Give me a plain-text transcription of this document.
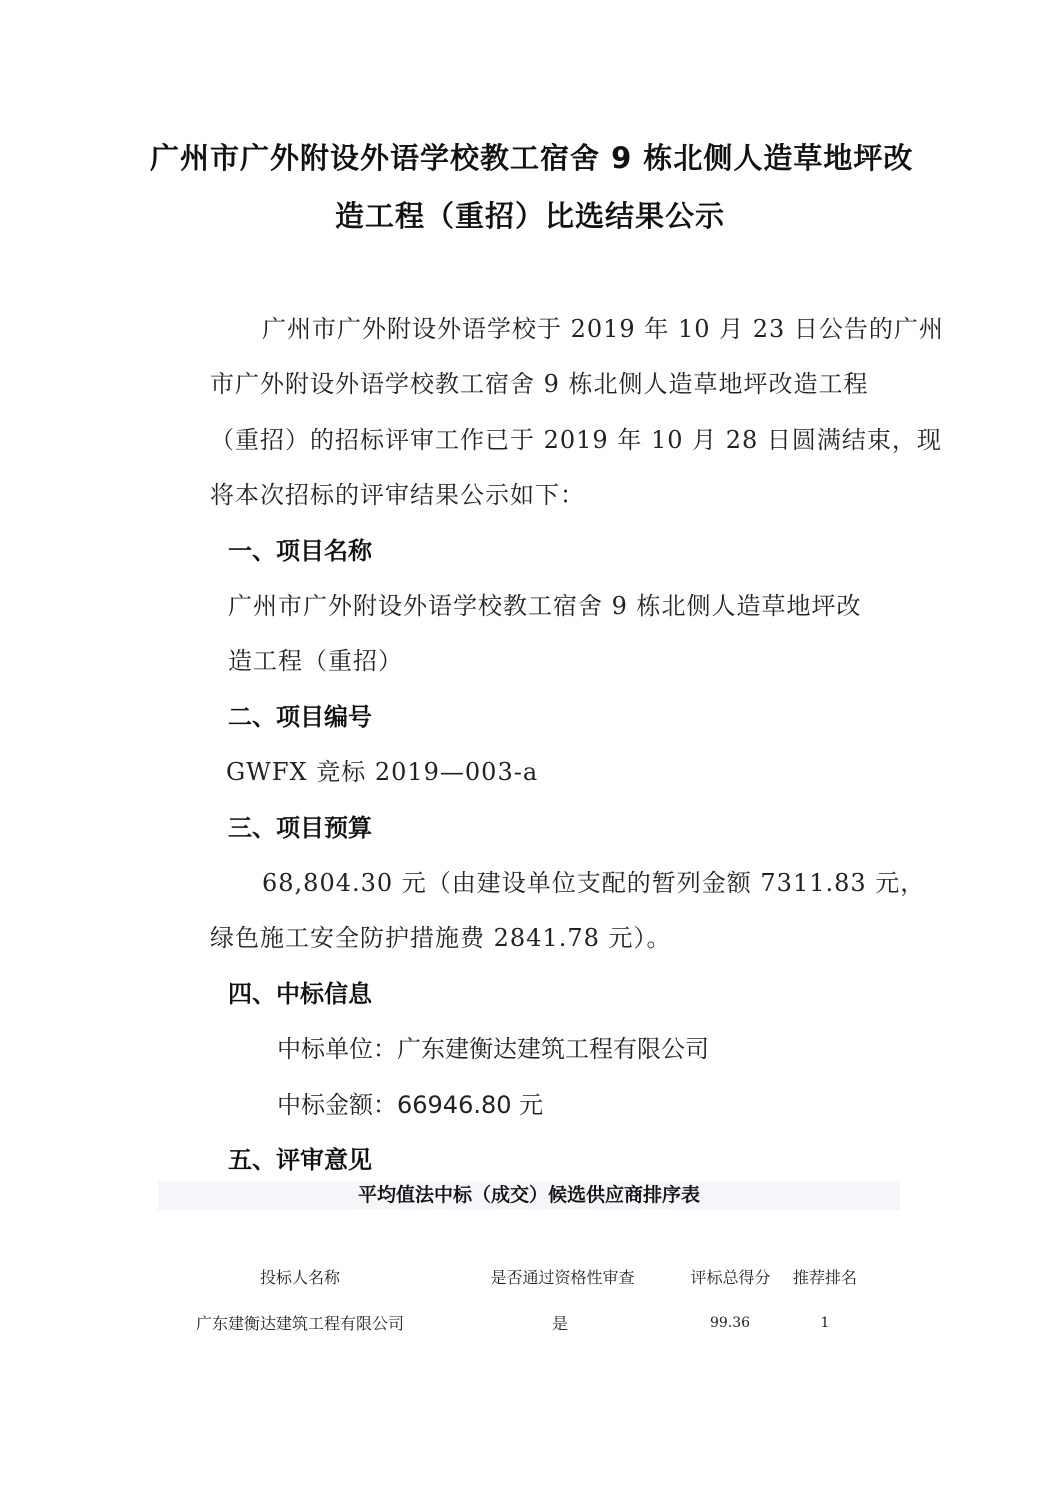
广州市广外附设外语学校教工宿舍 9 栋北侧人造草地坪改
造工程（重招）比选结果公示
广州市广外附设外语学校于 2019 年 10 月 23 日公告的广州
市广外附设外语学校教工宿舍 9 栋北侧人造草地坪改造工程
（重招）的招标评审工作已于 2019 年 10 月 28 日圆满结束，现
将本次招标的评审结果公示如下：
一、项目名称
广州市广外附设外语学校教工宿舍 9 栋北侧人造草地坪改
造工程（重招）
二、项目编号
GWFX 竞标 2019—003-a
三、项目预算
68,804.30 元（由建设单位支配的暂列金额 7311.83 元，
绿色施工安全防护措施费 2841.78 元）。
四、中标信息
中标单位：广东建衡达建筑工程有限公司
中标金额：66946.80 元
五、评审意见
平均值法中标（成交）候选供应商排序表
投标人名称	是否通过资格性审查	评标总得分	推荐排名
广东建衡达建筑工程有限公司	是	99.36	1
